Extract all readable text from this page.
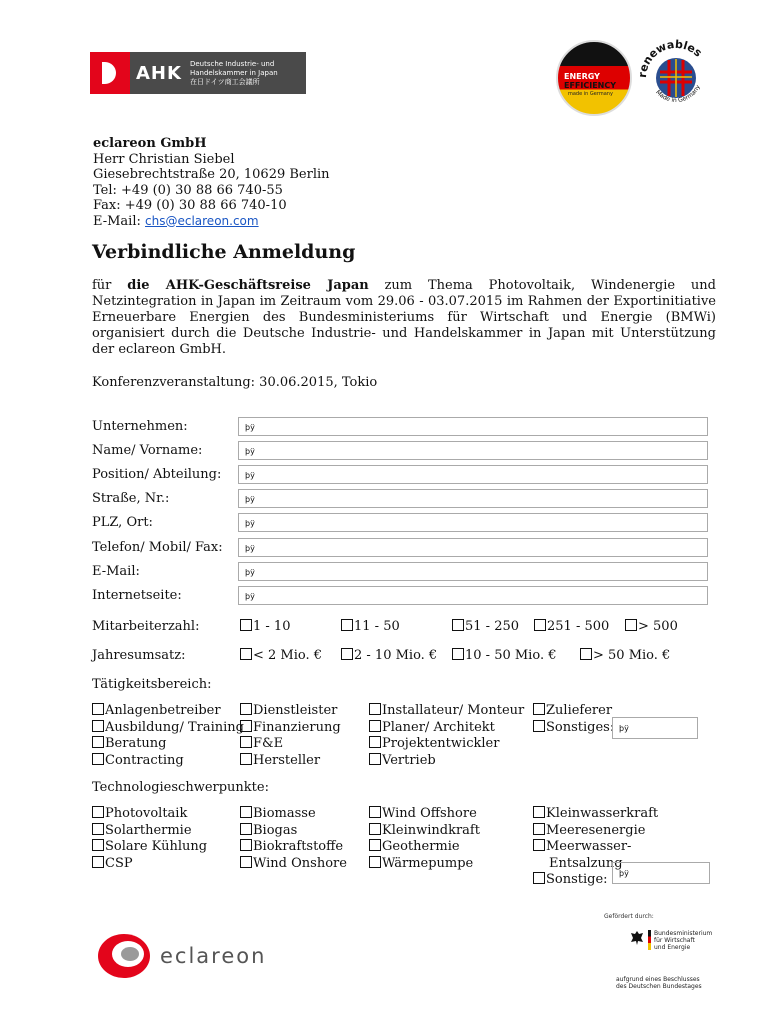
AHK Deutsche Industrie- und
Handelskammer in Japan
在日ドイツ商工会議所
ENERGY
EFFICIENCY
made in Germany
renewables
Made in Germany
eclareon GmbH
Herr Christian Siebel
Giesebrechtstraße 20, 10629 Berlin
Tel: +49 (0) 30 88 66 740-55
Fax: +49 (0) 30 88 66 740-10
E-Mail: chs@eclareon.com
Verbindliche Anmeldung
für die AHK-Geschäftsreise Japan zum Thema Photovoltaik, Windenergie und Netzintegration in Japan im Zeitraum vom 29.06 - 03.07.2015 im Rahmen der Exportinitiative Erneuerbare Energien des Bundesministeriums für Wirtschaft und Energie (BMWi) organisiert durch die Deutsche Industrie- und Handelskammer in Japan mit Unterstützung der eclareon GmbH.
Konferenzveranstaltung: 30.06.2015, Tokio
Unternehmen:	þÿ
Name/ Vorname:	þÿ
Position/ Abteilung:	þÿ
Straße, Nr.:	þÿ
PLZ, Ort:	þÿ
Telefon/ Mobil/ Fax:	þÿ
E-Mail:	þÿ
Internetseite:	þÿ
Mitarbeiterzahl:	1 - 10	11 - 50	51 - 250	251 - 500	> 500
Jahresumsatz:	< 2 Mio. €	2 - 10 Mio. €	10 - 50 Mio. €	> 50 Mio. €
Tätigkeitsbereich:
Anlagenbetreiber
Ausbildung/ Training
Beratung
Contracting
Dienstleister
Finanzierung
F&E
Hersteller
Installateur/ Monteur
Planer/ Architekt
Projektentwickler
Vertrieb
Zulieferer
Sonstiges: þÿ
Technologieschwerpunkte:
Photovoltaik
Solarthermie
Solare Kühlung
CSP
Biomasse
Biogas
Biokraftstoffe
Wind Onshore
Wind Offshore
Kleinwindkraft
Geothermie
Wärmepumpe
Kleinwasserkraft
Meeresenergie
Meerwasser-
Entsalzung
Sonstige:	þÿ
eclareon
Gefördert durch:
Bundesministerium
für Wirtschaft
und Energie
aufgrund eines Beschlusses
des Deutschen Bundestages
